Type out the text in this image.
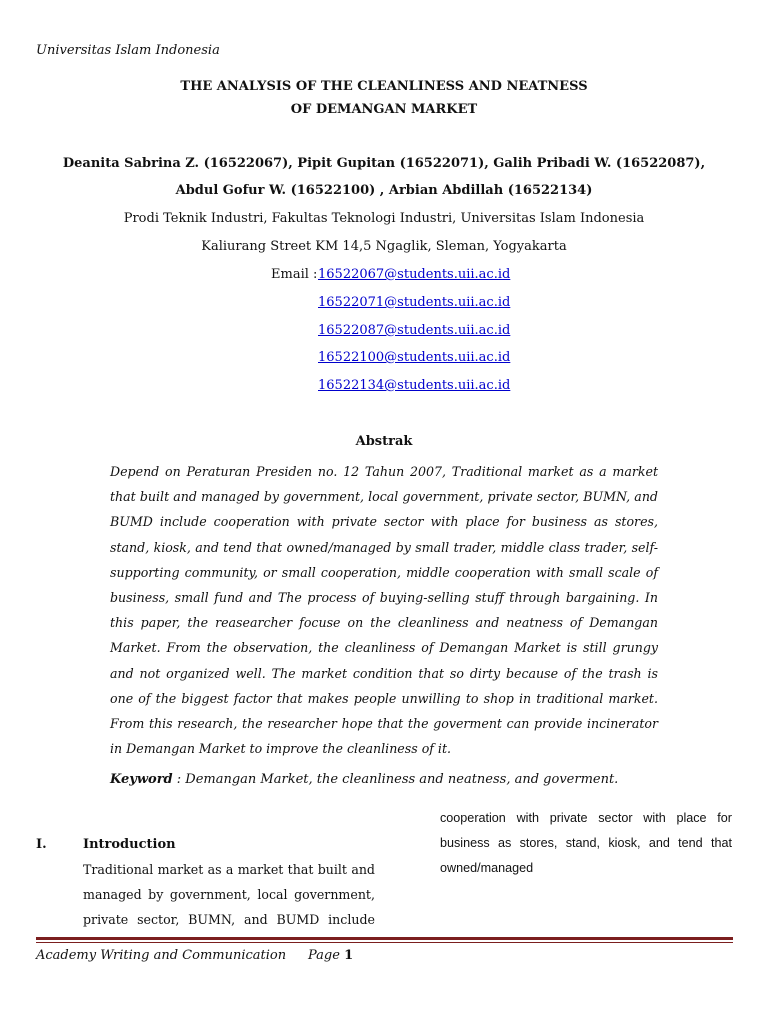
Universitas Islam Indonesia
THE ANALYSIS OF THE CLEANLINESS AND NEATNESS
OF DEMANGAN MARKET
Deanita Sabrina Z. (16522067), Pipit Gupitan (16522071), Galih Pribadi W. (16522087),
Abdul Gofur W. (16522100) , Arbian Abdillah (16522134)
Prodi Teknik Industri, Fakultas Teknologi Industri, Universitas Islam Indonesia
Kaliurang Street KM 14,5 Ngaglik, Sleman, Yogyakarta
Email : 16522067@students.uii.ac.id
16522071@students.uii.ac.id
16522087@students.uii.ac.id
16522100@students.uii.ac.id
16522134@students.uii.ac.id
Abstrak
Depend on Peraturan Presiden no. 12 Tahun 2007, Traditional market as a market that built and managed by government, local government, private sector, BUMN, and BUMD include cooperation with private sector with place for business as stores, stand, kiosk, and tend that owned/managed by small trader, middle class trader, self-supporting community, or small cooperation, middle cooperation with small scale of business, small fund and The process of buying-selling stuff through bargaining. In this paper, the reasearcher focuse on the cleanliness and neatness of Demangan Market. From the observation, the cleanliness of Demangan Market is still grungy and not organized well. The market condition that so dirty because of the trash is one of the biggest factor that makes people unwilling to shop in traditional market. From this research, the researcher hope that the goverment can provide incinerator in Demangan Market to improve the cleanliness of it.
Keyword : Demangan Market, the cleanliness and neatness, and goverment.
I.	Introduction
Traditional market as a market that built and managed by government, local government, private sector, BUMN, and BUMD include
cooperation with private sector with place for business as stores, stand, kiosk, and tend that owned/managed
Academy Writing and Communication Page 1
